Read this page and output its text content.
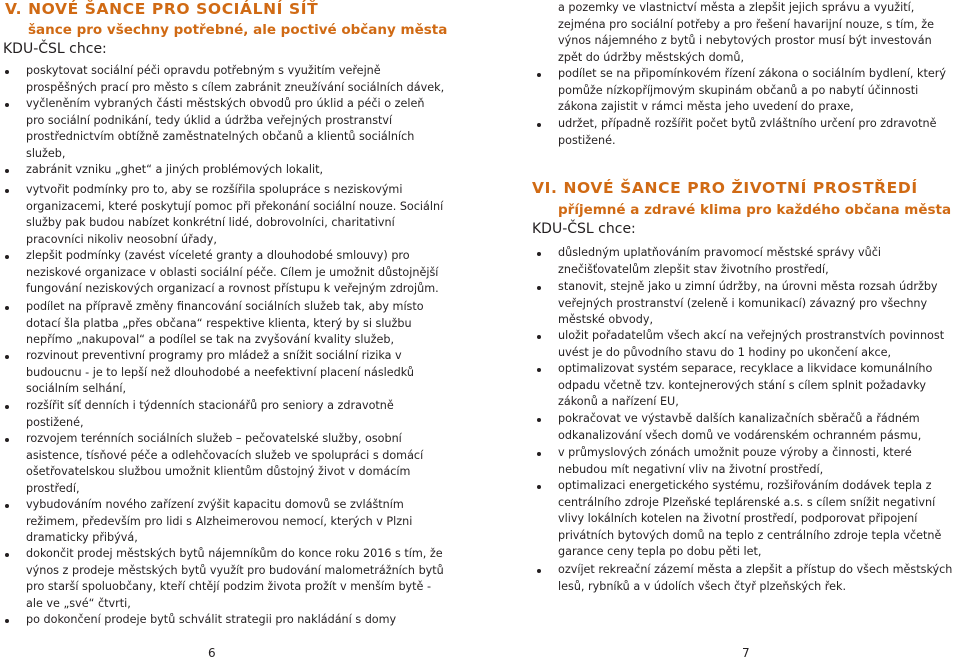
V. NOVÉ ŠANCE PRO SOCIÁLNÍ SÍŤ
šance pro všechny potřebné, ale poctivé občany města
KDU-ČSL chce:
poskytovat sociální péči opravdu potřebným s využitím veřejně prospěšných prací pro město s cílem zabránit zneužívání sociálních dávek,
vyčleněním vybraných části městských obvodů pro úklid a péči o zeleň pro sociální podnikání, tedy úklid a údržba veřejných prostranství prostřednictvím obtížně zaměstnatelných občanů a klientů sociálních služeb,
zabránit vzniku „ghet“ a jiných problémových lokalit,
vytvořit podmínky pro to, aby se rozšířila spolupráce s neziskovými organizacemi, které poskytují pomoc při překonání sociální nouze. Sociální služby pak budou nabízet konkrétní lidé, dobrovolníci, charitativní pracovníci nikoliv neosobní úřady,
zlepšit podmínky (zavést víceleté granty a dlouhodobé smlouvy) pro neziskové organizace v oblasti sociální péče. Cílem je umožnit důstojnější fungování neziskových organizací a rovnost přístupu k veřejným zdrojům.
podílet na přípravě změny financování sociálních služeb tak, aby místo dotací šla platba „přes občana“ respektive klienta, který by si službu nepřímo „nakupoval“ a podílel se tak na zvyšování kvality služeb,
rozvinout preventivní programy pro mládež a snížit sociální rizika v budoucnu - je to lepší než dlouhodobé a neefektivní placení následků sociálním selhání,
rozšířit síť denních i týdenních stacionářů pro seniory a zdravotně postižené,
rozvojem terénních sociálních služeb – pečovatelské služby, osobní asistence, tísňové péče a odlehčovacích služeb ve spolupráci s domácí ošetřovatelskou službou umožnit klientům důstojný život v domácím prostředí,
vybudováním nového zařízení zvýšit kapacitu domovů se zvláštním režimem, především pro lidi s Alzheimerovou nemocí, kterých v Plzni dramaticky přibývá,
dokončit prodej městských bytů nájemníkům do konce roku 2016 s tím, že výnos z prodeje městských bytů využít pro budování malometrážních bytů pro starší spoluobčany, kteří chtějí podzim života prožít v menším bytě - ale ve „své“ čtvrti,
po dokončení prodeje bytů schválit strategii pro nakládání s domy
6

a pozemky ve vlastnictví města a zlepšit jejich správu a využití, zejména pro sociální potřeby a pro řešení havarijní nouze, s tím, že výnos nájemného z bytů i nebytových prostor musí být investován zpět do údržby městských domů,

podílet se na připomínkovém řízení zákona o sociálním bydlení, který pomůže nízkopříjmovým skupinám občanů a po nabytí účinnosti zákona zajistit v rámci města jeho uvedení do praxe,
udržet, případně rozšířit počet bytů zvláštního určení pro zdravotně postižené.
VI. NOVÉ ŠANCE PRO ŽIVOTNÍ PROSTŘEDÍ
příjemné a zdravé klima pro každého občana města
KDU-ČSL chce:
důsledným uplatňováním pravomocí městské správy vůči znečišťovatelům zlepšit stav životního prostředí,
stanovit, stejně jako u zimní údržby, na úrovni města rozsah údržby veřejných prostranství (zeleně i komunikací) závazný pro všechny městské obvody,
uložit pořadatelům všech akcí na veřejných prostranstvích povinnost uvést je do původního stavu do 1 hodiny po ukončení akce,
optimalizovat systém separace, recyklace a likvidace komunálního odpadu včetně tzv. kontejnerových stání s cílem splnit požadavky zákonů a nařízení EU,
pokračovat ve výstavbě dalších kanalizačních sběračů a řádném odkanalizování všech domů ve vodárenském ochranném pásmu,
v průmyslových zónách umožnit pouze výroby a činnosti, které nebudou mít negativní vliv na životní prostředí,
optimalizaci energetického systému, rozšiřováním dodávek tepla z centrálního zdroje Plzeňské teplárenské a.s. s cílem snížit negativní vlivy lokálních kotelen na životní prostředí, podporovat připojení privátních bytových domů na teplo z centrálního zdroje tepla včetně garance ceny tepla po dobu pěti let,
ozvíjet rekreační zázemí města a zlepšit a přístup do všech městských lesů, rybníků a v údolích všech čtyř plzeňských řek.
7
